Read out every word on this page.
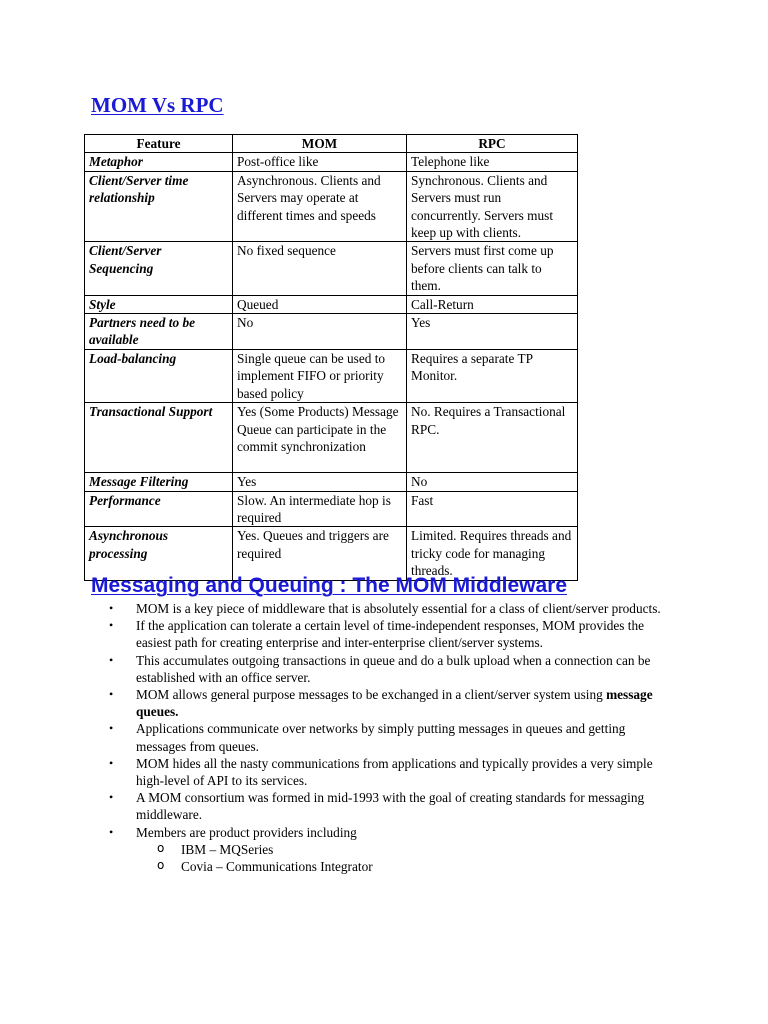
MOM Vs RPC
Feature	MOM	RPC
Metaphor	Post-office like	Telephone like
Client/Server time relationship	Asynchronous. Clients and Servers may operate at different times and speeds	Synchronous. Clients and Servers must run concurrently. Servers must keep up with clients.
Client/Server Sequencing	No fixed sequence	Servers must first come up before clients can talk to them.
Style	Queued	Call-Return
Partners need to be available	No	Yes
Load-balancing	Single queue can be used to implement FIFO or priority based policy	Requires a separate TP Monitor.
Transactional Support	Yes (Some Products) Message Queue can participate in the commit synchronization	No. Requires a Transactional RPC.
Message Filtering	Yes	No
Performance	Slow. An intermediate hop is required	Fast
Asynchronous processing	Yes. Queues and triggers are required	Limited. Requires threads and tricky code for managing threads.
Messaging and Queuing : The MOM Middleware
• MOM is a key piece of middleware that is absolutely essential for a class of client/server products.
• If the application can tolerate a certain level of time-independent responses, MOM provides the easiest path for creating enterprise and inter-enterprise client/server systems.
• This accumulates outgoing transactions in queue and do a bulk upload when a connection can be established with an office server.
• MOM allows general purpose messages to be exchanged in a client/server system using message queues.
• Applications communicate over networks by simply putting messages in queues and getting messages from queues.
• MOM hides all the nasty communications from applications and typically provides a very simple high-level of API to its services.
• A MOM consortium was formed in mid-1993 with the goal of creating standards for messaging middleware.
• Members are product providers including
o IBM – MQSeries
o Covia – Communications Integrator
